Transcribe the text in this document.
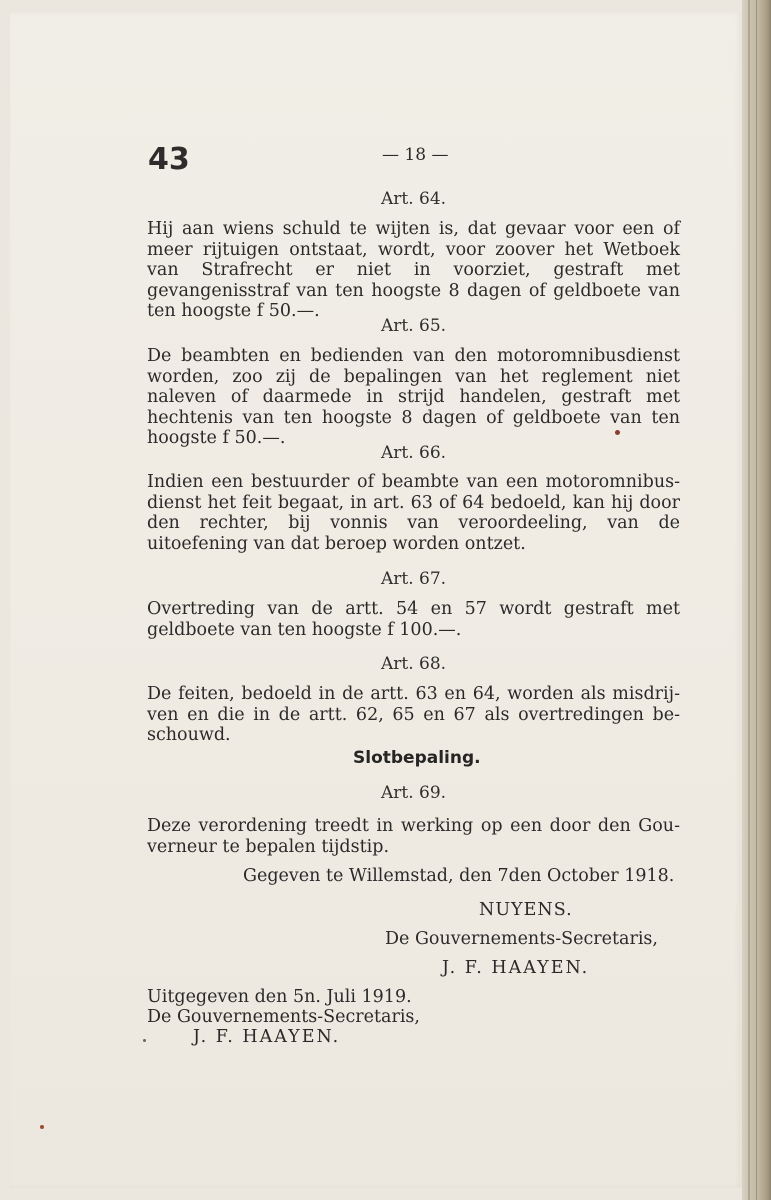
43	— 18 —
Art. 64.
Hij aan wiens schuld te wijten is, dat gevaar voor een of meer rijtuigen ontstaat, wordt, voor zoover het Wetboek van Strafrecht er niet in voorziet, gestraft met gevangenisstraf van ten hoogste 8 dagen of geldboete van ten hoogste f 50.—.
Art. 65.
De beambten en bedienden van den motoromnibusdienst worden, zoo zij de bepalingen van het reglement niet naleven of daarmede in strijd handelen, gestraft met hechtenis van ten hoogste 8 dagen of geldboete van ten hoogste f 50.—.
Art. 66.
Indien een bestuurder of beambte van een motoromnibus-dienst het feit begaat, in art. 63 of 64 bedoeld, kan hij door den rechter, bij vonnis van veroordeeling, van de uitoefening van dat beroep worden ontzet.
Art. 67.
Overtreding van de artt. 54 en 57 wordt gestraft met geldboete van ten hoogste f 100.—.
Art. 68.
De feiten, bedoeld in de artt. 63 en 64, worden als misdrij-ven en die in de artt. 62, 65 en 67 als overtredingen be-schouwd.
Slotbepaling.
Art. 69.
Deze verordening treedt in werking op een door den Gou-verneur te bepalen tijdstip.
Gegeven te Willemstad, den 7den October 1918.
NUYENS.
De Gouvernements-Secretaris,
J. F. HAAYEN.
Uitgegeven den 5n. Juli 1919.
De Gouvernements-Secretaris,
J. F. HAAYEN.
